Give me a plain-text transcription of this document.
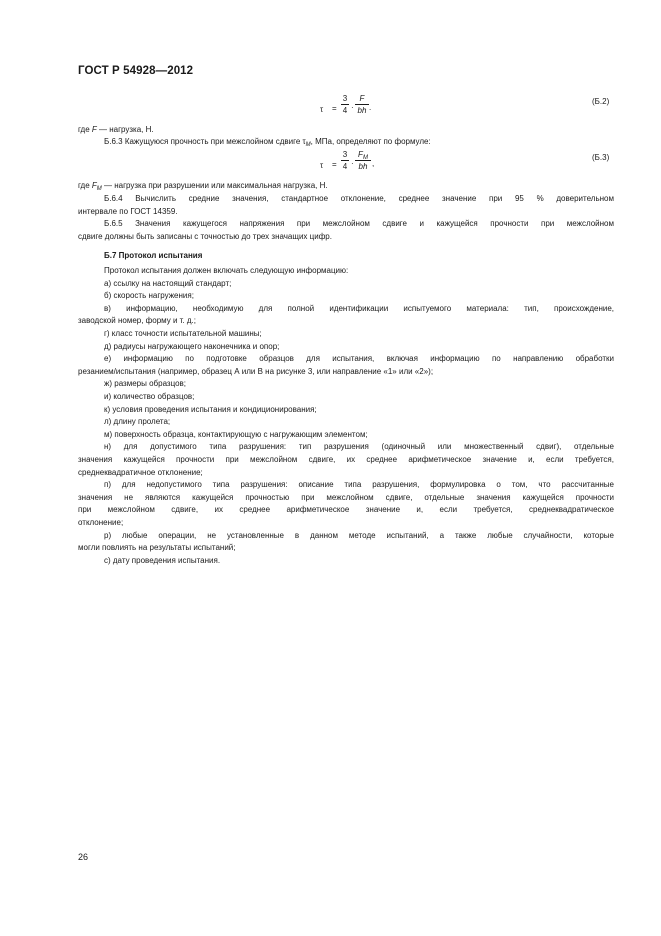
ГОСТ Р 54928—2012
τ =
3
4 ·
F
bh .
(Б.2)
где F — нагрузка, Н.
Б.6.3 Кажущуюся прочность при межслойном сдвиге $\tau_M$, МПа, определяют по формуле:
τ =
3
4 ·
$F_M$
bh ,
(Б.3)
где $F_M$ — нагрузка при разрушении или максимальная нагрузка, Н.
Б.6.4 Вычислить средние значения, стандартное отклонение, среднее значение при 95 % доверительном
интервале по ГОСТ 14359.
Б.6.5 Значения кажущегося напряжения при межслойном сдвиге и кажущейся прочности при межслойном
сдвиге должны быть записаны с точностью до трех значащих цифр.
Б.7 Протокол испытания
Протокол испытания должен включать следующую информацию:
а) ссылку на настоящий стандарт;
б) скорость нагружения;
в) информацию, необходимую для полной идентификации испытуемого материала: тип, происхождение,
заводской номер, форму и т. д.;
г) класс точности испытательной машины;
д) радиусы нагружающего наконечника и опор;
е) информацию по подготовке образцов для испытания, включая информацию по направлению обработки
резанием/испытания (например, образец А или В на рисунке 3, или направление «1» или «2»);
ж) размеры образцов;
и) количество образцов;
к) условия проведения испытания и кондиционирования;
л) длину пролета;
м) поверхность образца, контактирующую с нагружающим элементом;
н) для допустимого типа разрушения: тип разрушения (одиночный или множественный сдвиг), отдельные
значения кажущейся прочности при межслойном сдвиге, их среднее арифметическое значение и, если требуется,
среднеквадратичное отклонение;
п) для недопустимого типа разрушения: описание типа разрушения, формулировка о том, что рассчитанные
значения не являются кажущейся прочностью при межслойном сдвиге, отдельные значения кажущейся прочности
при межслойном сдвиге, их среднее арифметическое значение и, если требуется, среднеквадратическое
отклонение;
р) любые операции, не установленные в данном методе испытаний, а также любые случайности, которые
могли повлиять на результаты испытаний;
с) дату проведения испытания.
26
